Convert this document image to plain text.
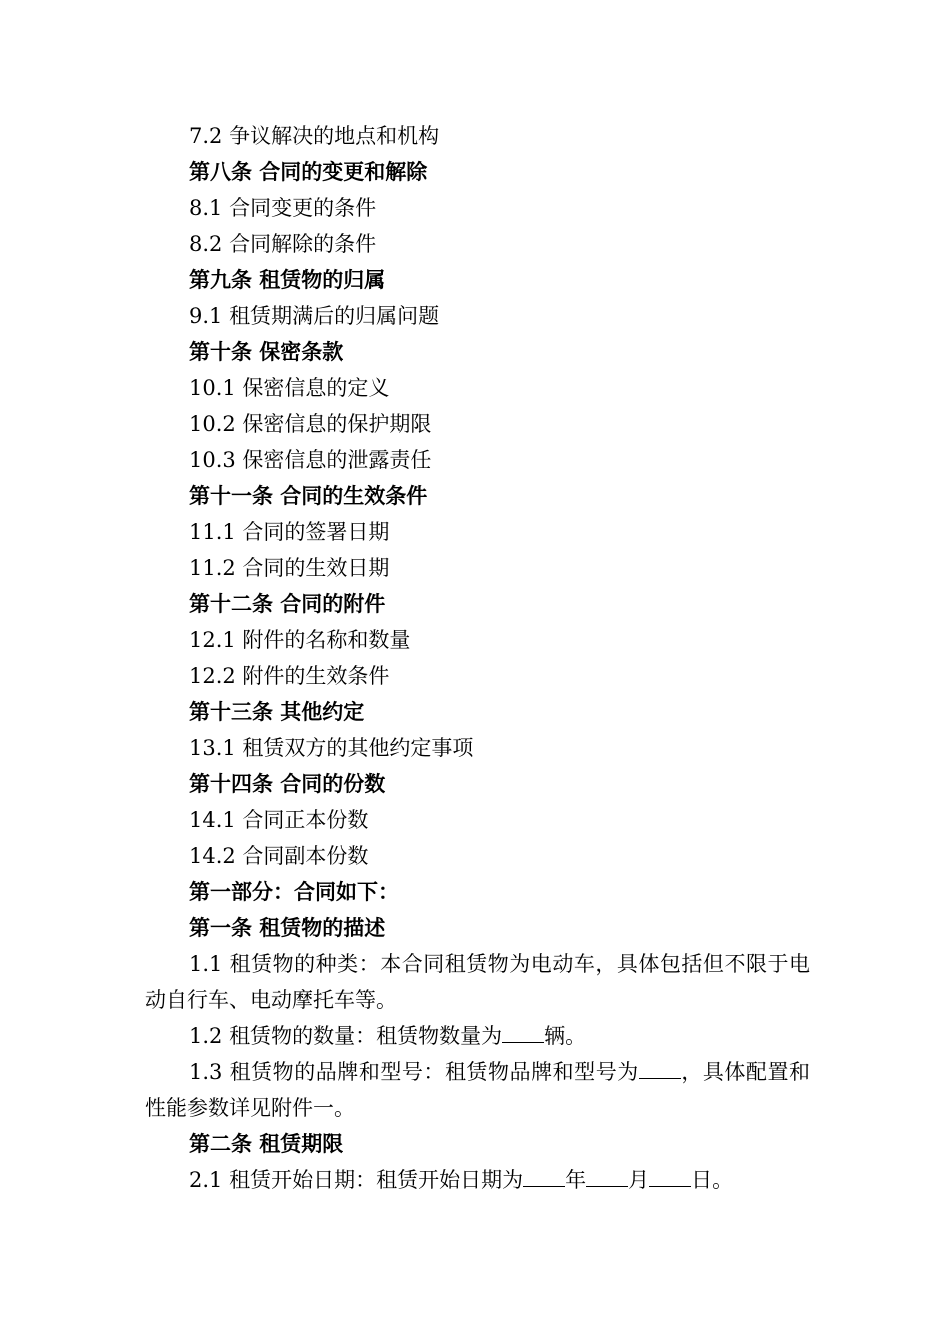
7.2 争议解决的地点和机构
第八条 合同的变更和解除
8.1 合同变更的条件
8.2 合同解除的条件
第九条 租赁物的归属
9.1 租赁期满后的归属问题
第十条 保密条款
10.1 保密信息的定义
10.2 保密信息的保护期限
10.3 保密信息的泄露责任
第十一条 合同的生效条件
11.1 合同的签署日期
11.2 合同的生效日期
第十二条 合同的附件
12.1 附件的名称和数量
12.2 附件的生效条件
第十三条 其他约定
13.1 租赁双方的其他约定事项
第十四条 合同的份数
14.1 合同正本份数
14.2 合同副本份数
第一部分：合同如下：
第一条 租赁物的描述

1.1 租赁物的种类：本合同租赁物为电动车，具体包括但不限于电动自行车、电动摩托车等。

1.2 租赁物的数量：租赁物数量为 辆。

1.3 租赁物的品牌和型号：租赁物品牌和型号为 ，具体配置和性能参数详见附件一。

第二条 租赁期限

2.1 租赁开始日期：租赁开始日期为 年 月 日。
